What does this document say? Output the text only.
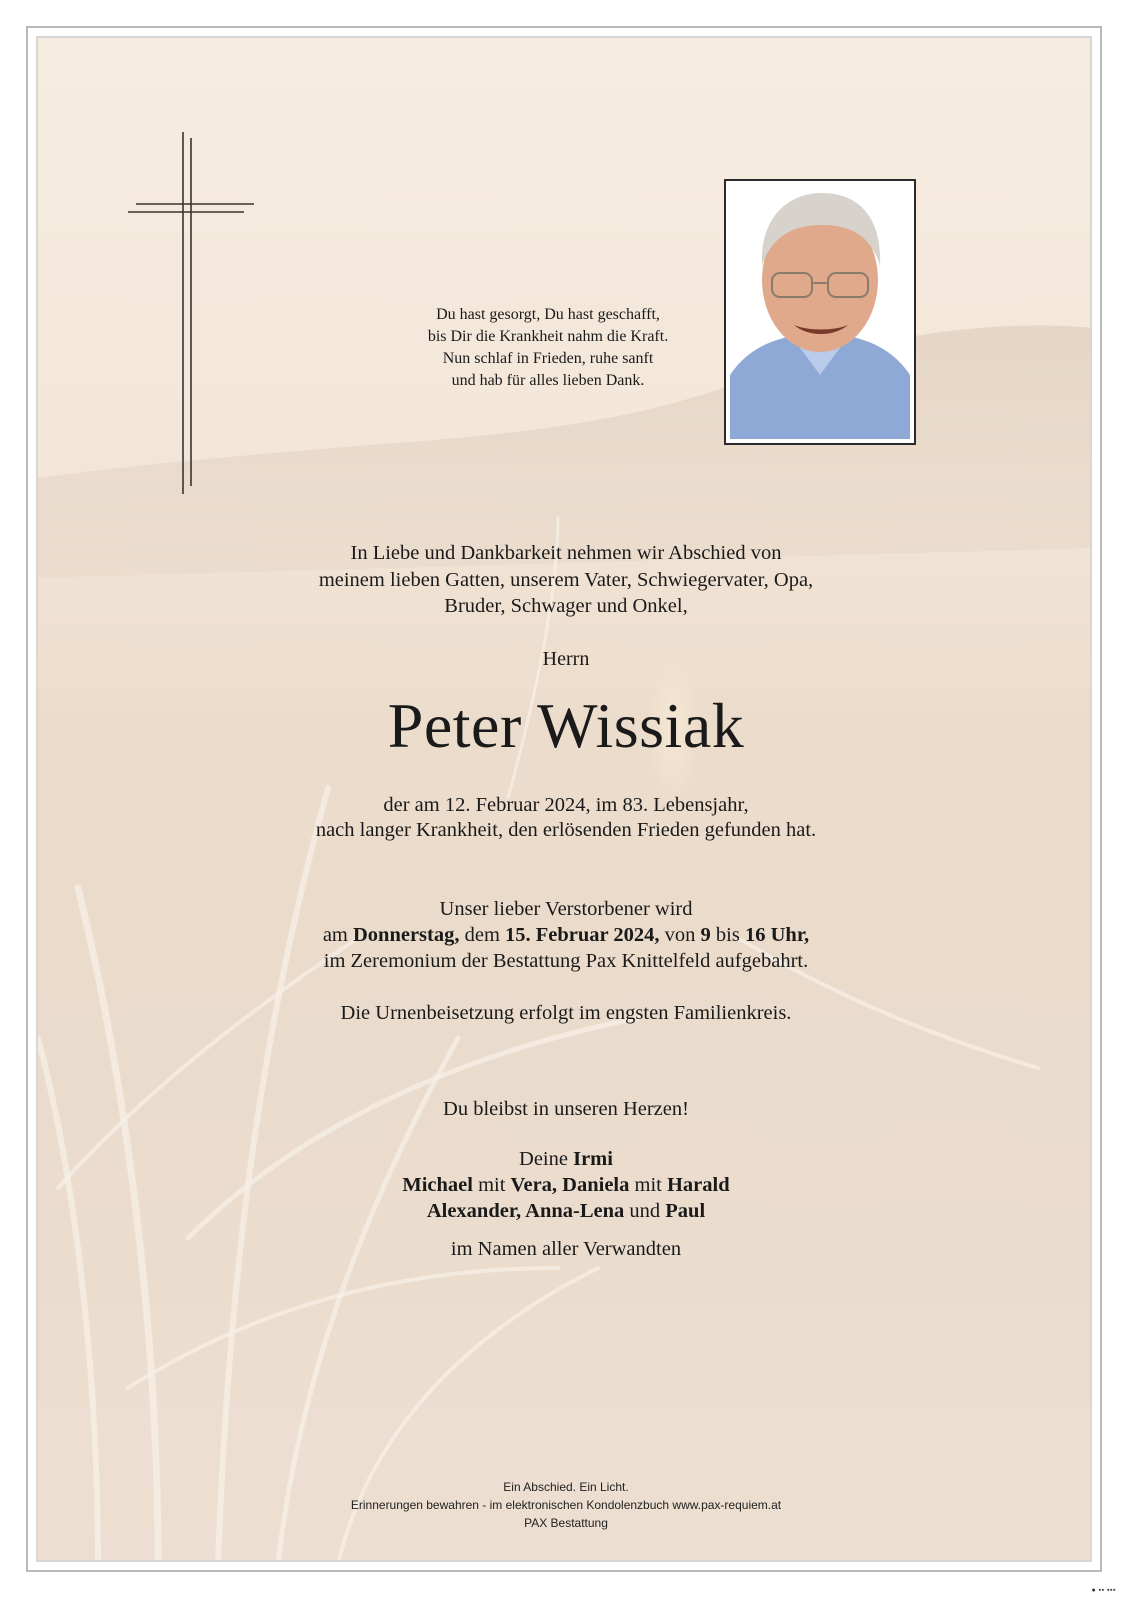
Du hast gesorgt, Du hast geschafft,
bis Dir die Krankheit nahm die Kraft.
Nun schlaf in Frieden, ruhe sanft
und hab für alles lieben Dank.
In Liebe und Dankbarkeit nehmen wir Abschied von
meinem lieben Gatten, unserem Vater, Schwiegervater, Opa,
Bruder, Schwager und Onkel,
Herrn
Peter Wissiak
der am 12. Februar 2024, im 83. Lebensjahr,
nach langer Krankheit, den erlösenden Frieden gefunden hat.
Unser lieber Verstorbener wird
am Donnerstag, dem 15. Februar 2024, von 9 bis 16 Uhr,
im Zeremonium der Bestattung Pax Knittelfeld aufgebahrt.
Die Urnenbeisetzung erfolgt im engsten Familienkreis.
Du bleibst in unseren Herzen!
Deine Irmi
Michael mit Vera, Daniela mit Harald
Alexander, Anna-Lena und Paul
im Namen aller Verwandten
Ein Abschied. Ein Licht.
Erinnerungen bewahren - im elektronischen Kondolenzbuch www.pax-requiem.at
PAX Bestattung
● ▪▪ ▪▪▪
